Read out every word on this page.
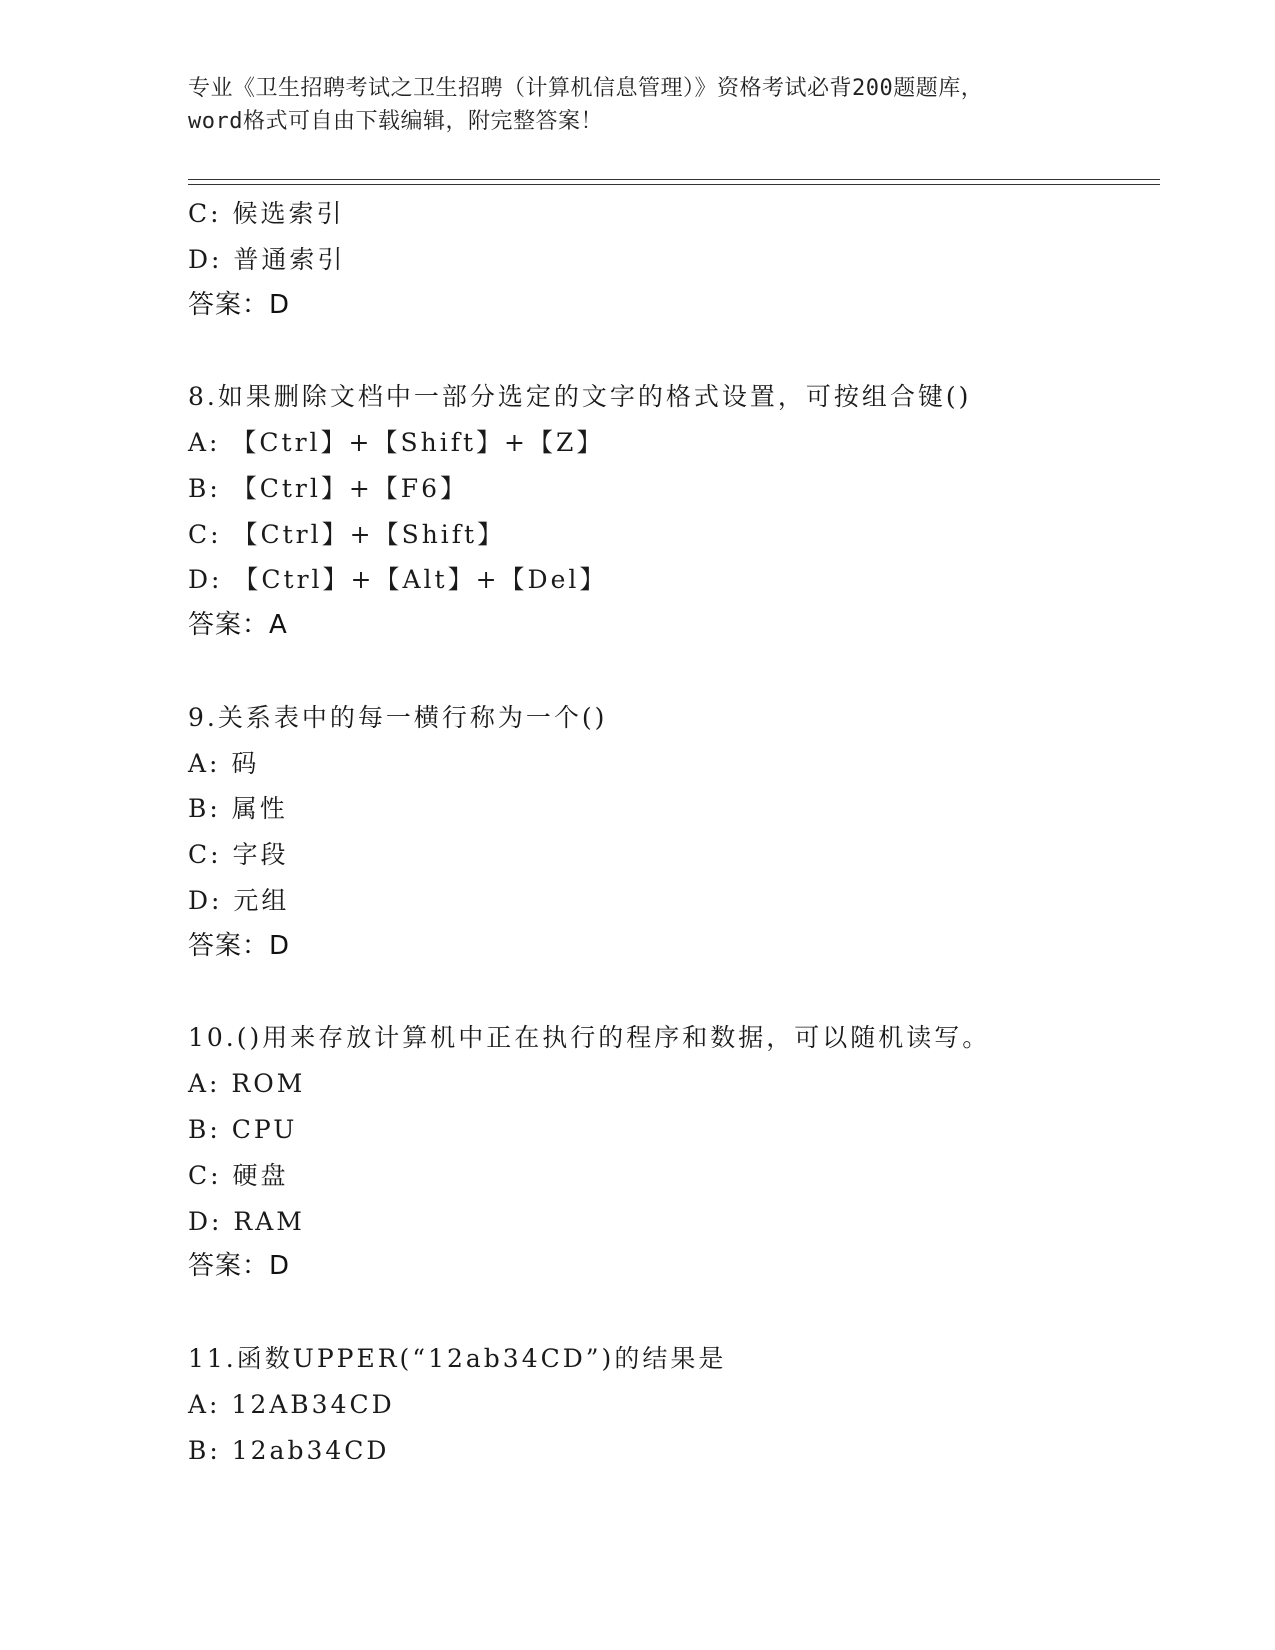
专业《卫生招聘考试之卫生招聘（计算机信息管理）》资格考试必背200题题库，
word格式可自由下载编辑，附完整答案！
C: 候选索引
D: 普通索引
答案：D
8.如果删除文档中一部分选定的文字的格式设置，可按组合键()
A: 【Ctrl】+【Shift】+【Z】
B: 【Ctrl】+【F6】
C: 【Ctrl】+【Shift】
D: 【Ctrl】+【Alt】+【Del】
答案：A
9.关系表中的每一横行称为一个()
A: 码
B: 属性
C: 字段
D: 元组
答案：D
10.()用来存放计算机中正在执行的程序和数据，可以随机读写。
A: ROM
B: CPU
C: 硬盘
D: RAM
答案：D
11.函数UPPER(“12ab34CD”)的结果是
A: 12AB34CD
B: 12ab34CD
